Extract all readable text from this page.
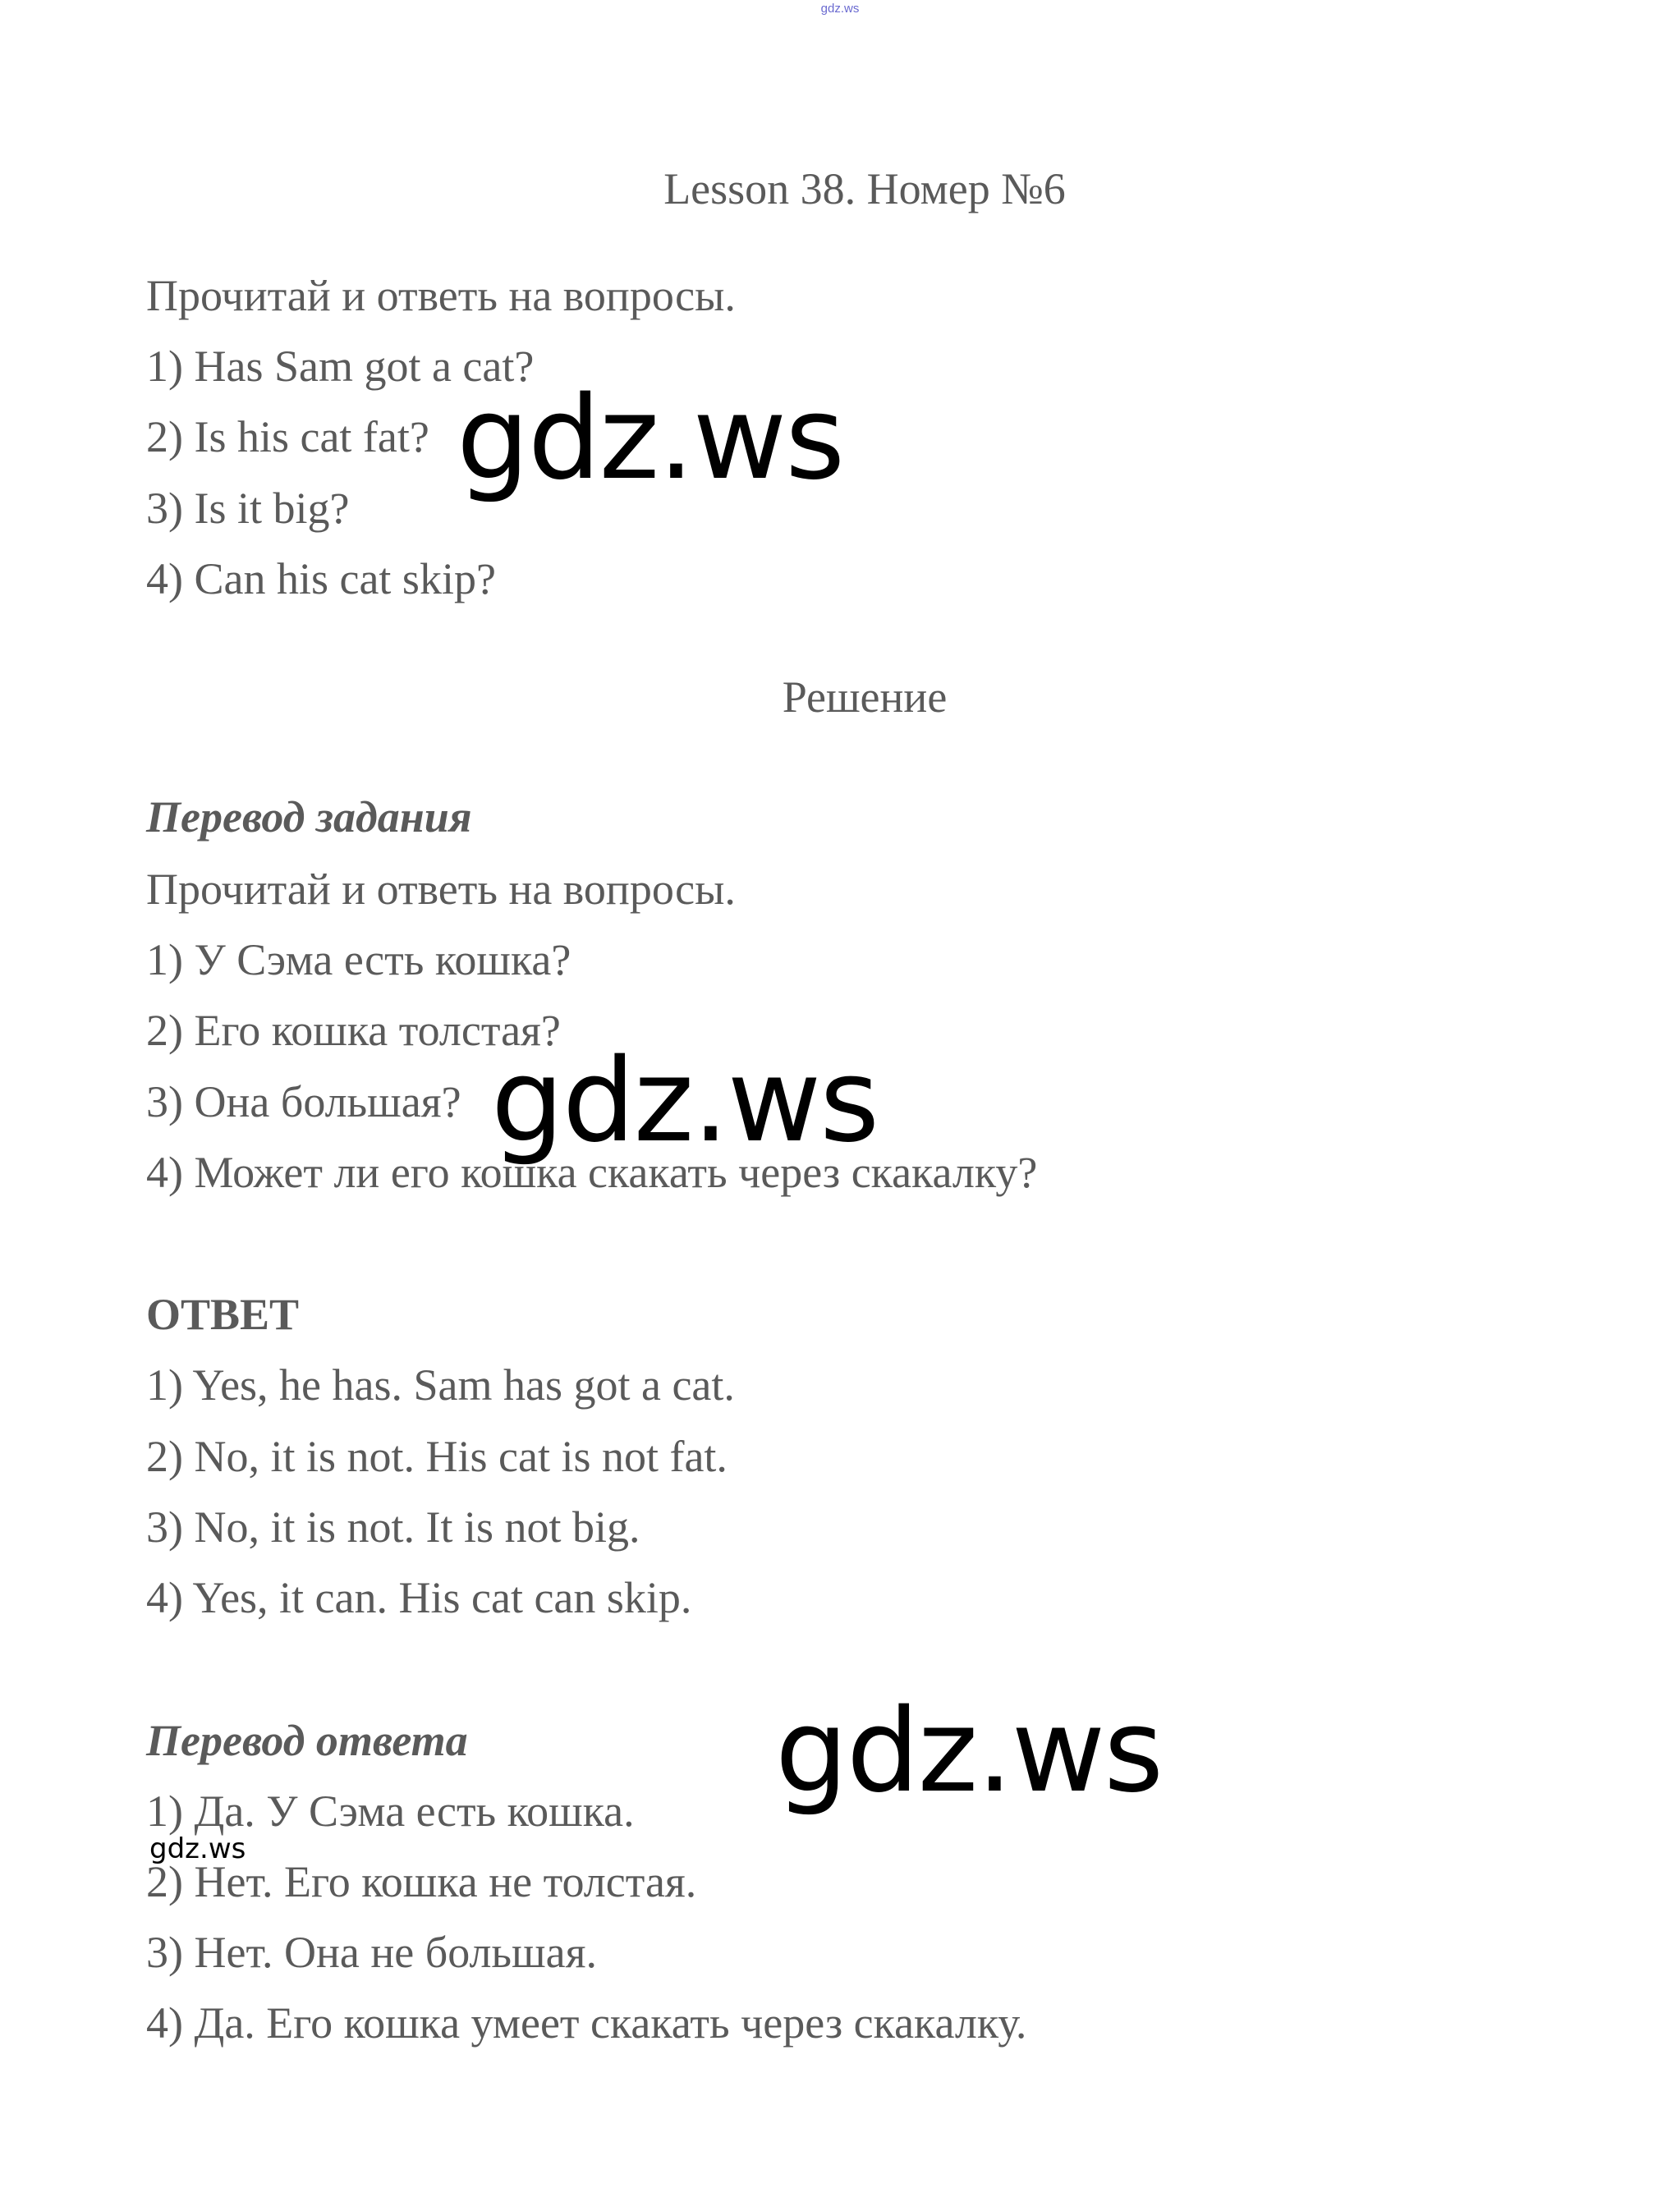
gdz.ws
Lesson 38. Номер №6
Прочитай и ответь на вопросы.
1) Has Sam got a cat?
2) Is his cat fat?
3) Is it big?
4) Can his cat skip?
Решение
Перевод задания
Прочитай и ответь на вопросы.
1) У Сэма есть кошка?
2) Его кошка толстая?
3) Она большая?
4) Может ли его кошка скакать через скакалку?
ОТВЕТ
1) Yes, he has. Sam has got a cat.
2) No, it is not. His cat is not fat.
3) No, it is not. It is not big.
4) Yes, it can. His cat can skip.
Перевод ответа
1) Да. У Сэма есть кошка.
2) Нет. Его кошка не толстая.
3) Нет. Она не большая.
4) Да. Его кошка умеет скакать через скакалку.
gdz.ws
gdz.ws
gdz.ws
gdz.ws
